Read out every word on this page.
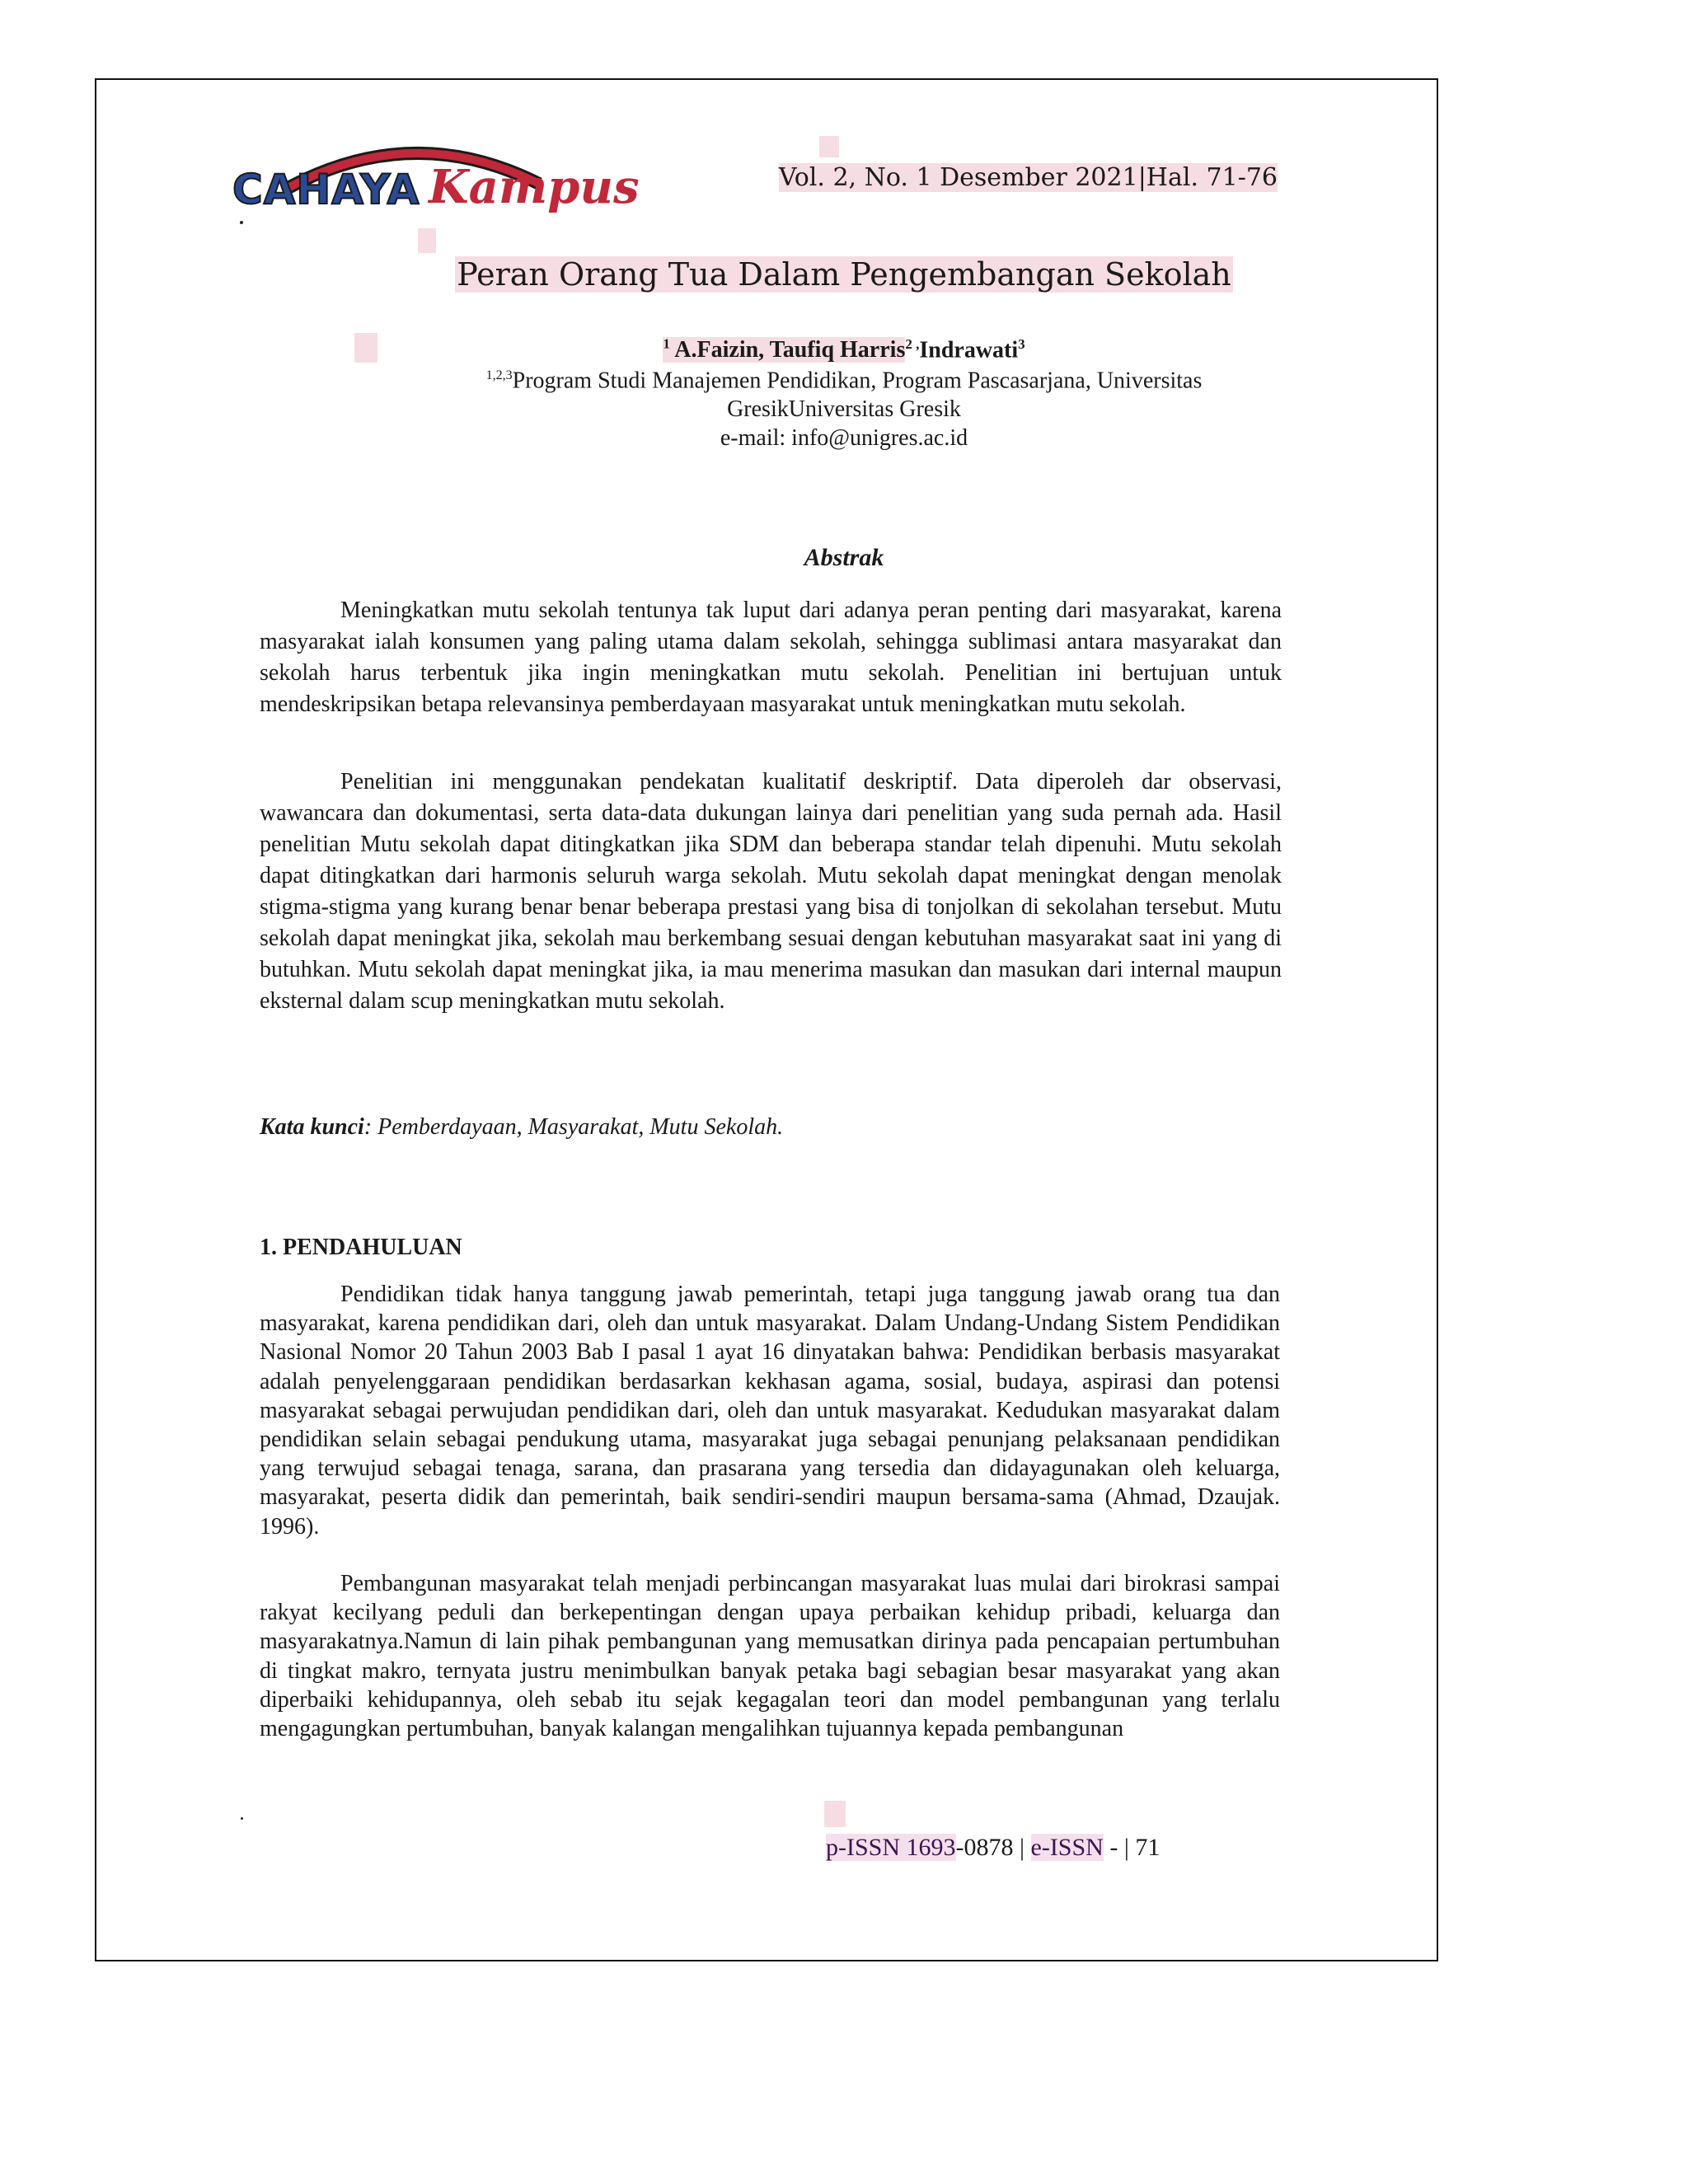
CAHAYA Kampus	Vol. 2, No. 1 Desember 2021|Hal. 71-76
Peran Orang Tua Dalam Pengembangan Sekolah
$^1$ A.Faizin, Taufiq Harris$^2$ ,Indrawati$^3$
$^{1,2,3}$Program Studi Manajemen Pendidikan, Program Pascasarjana, Universitas
GresikUniversitas Gresik
e-mail: info@unigres.ac.id
Abstrak

Meningkatkan mutu sekolah tentunya tak luput dari adanya peran penting dari masyarakat, karena masyarakat ialah konsumen yang paling utama dalam sekolah, sehingga sublimasi antara masyarakat dan sekolah harus terbentuk jika ingin meningkatkan mutu sekolah. Penelitian ini bertujuan untuk mendeskripsikan betapa relevansinya pemberdayaan masyarakat untuk meningkatkan mutu sekolah.

Penelitian ini menggunakan pendekatan kualitatif deskriptif. Data diperoleh dar observasi, wawancara dan dokumentasi, serta data-data dukungan lainya dari penelitian yang suda pernah ada. Hasil penelitian Mutu sekolah dapat ditingkatkan jika SDM dan beberapa standar telah dipenuhi. Mutu sekolah dapat ditingkatkan dari harmonis seluruh warga sekolah. Mutu sekolah dapat meningkat dengan menolak stigma-stigma yang kurang benar benar beberapa prestasi yang bisa di tonjolkan di sekolahan tersebut. Mutu sekolah dapat meningkat jika, sekolah mau berkembang sesuai dengan kebutuhan masyarakat saat ini yang di butuhkan. Mutu sekolah dapat meningkat jika, ia mau menerima masukan dan masukan dari internal maupun eksternal dalam scup meningkatkan mutu sekolah.

Kata kunci: Pemberdayaan, Masyarakat, Mutu Sekolah.
1. PENDAHULUAN

Pendidikan tidak hanya tanggung jawab pemerintah, tetapi juga tanggung jawab orang tua dan masyarakat, karena pendidikan dari, oleh dan untuk masyarakat. Dalam Undang-Undang Sistem Pendidikan Nasional Nomor 20 Tahun 2003 Bab I pasal 1 ayat 16 dinyatakan bahwa: Pendidikan berbasis masyarakat adalah penyelenggaraan pendidikan berdasarkan kekhasan agama, sosial, budaya, aspirasi dan potensi masyarakat sebagai perwujudan pendidikan dari, oleh dan untuk masyarakat. Kedudukan masyarakat dalam pendidikan selain sebagai pendukung utama, masyarakat juga sebagai penunjang pelaksanaan pendidikan yang terwujud sebagai tenaga, sarana, dan prasarana yang tersedia dan didayagunakan oleh keluarga, masyarakat, peserta didik dan pemerintah, baik sendiri-sendiri maupun bersama-sama (Ahmad, Dzaujak. 1996).

Pembangunan masyarakat telah menjadi perbincangan masyarakat luas mulai dari birokrasi sampai rakyat kecilyang peduli dan berkepentingan dengan upaya perbaikan kehidup pribadi, keluarga dan masyarakatnya.Namun di lain pihak pembangunan yang memusatkan dirinya pada pencapaian pertumbuhan di tingkat makro, ternyata justru menimbulkan banyak petaka bagi sebagian besar masyarakat yang akan diperbaiki kehidupannya, oleh sebab itu sejak kegagalan teori dan model pembangunan yang terlalu mengagungkan pertumbuhan, banyak kalangan mengalihkan tujuannya kepada pembangunan

p-ISSN 1693-0878 | e-ISSN - | 71
